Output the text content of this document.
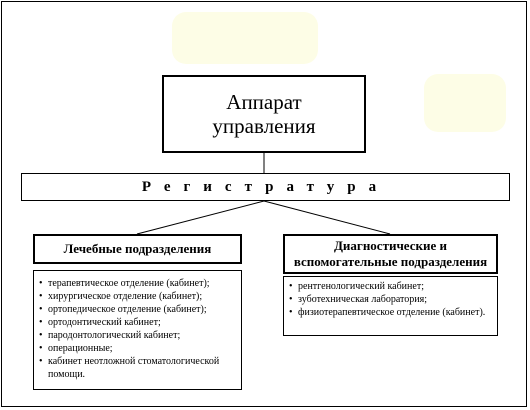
Аппарат
управления
Регистратура
Лечебные подразделения	Диагностические и
вспомогательные подразделения
• терапевтическое отделение (кабинет);
• хирургическое отделение (кабинет);
• ортопедическое отделение (кабинет);
• ортодонтический кабинет;
• пародонтологический кабинет;
• операционные;
• кабинет неотложной стоматологической помощи.
• рентгенологический кабинет;
• зуботехническая лаборатория;
• физиотерапевтическое отделение (кабинет).
